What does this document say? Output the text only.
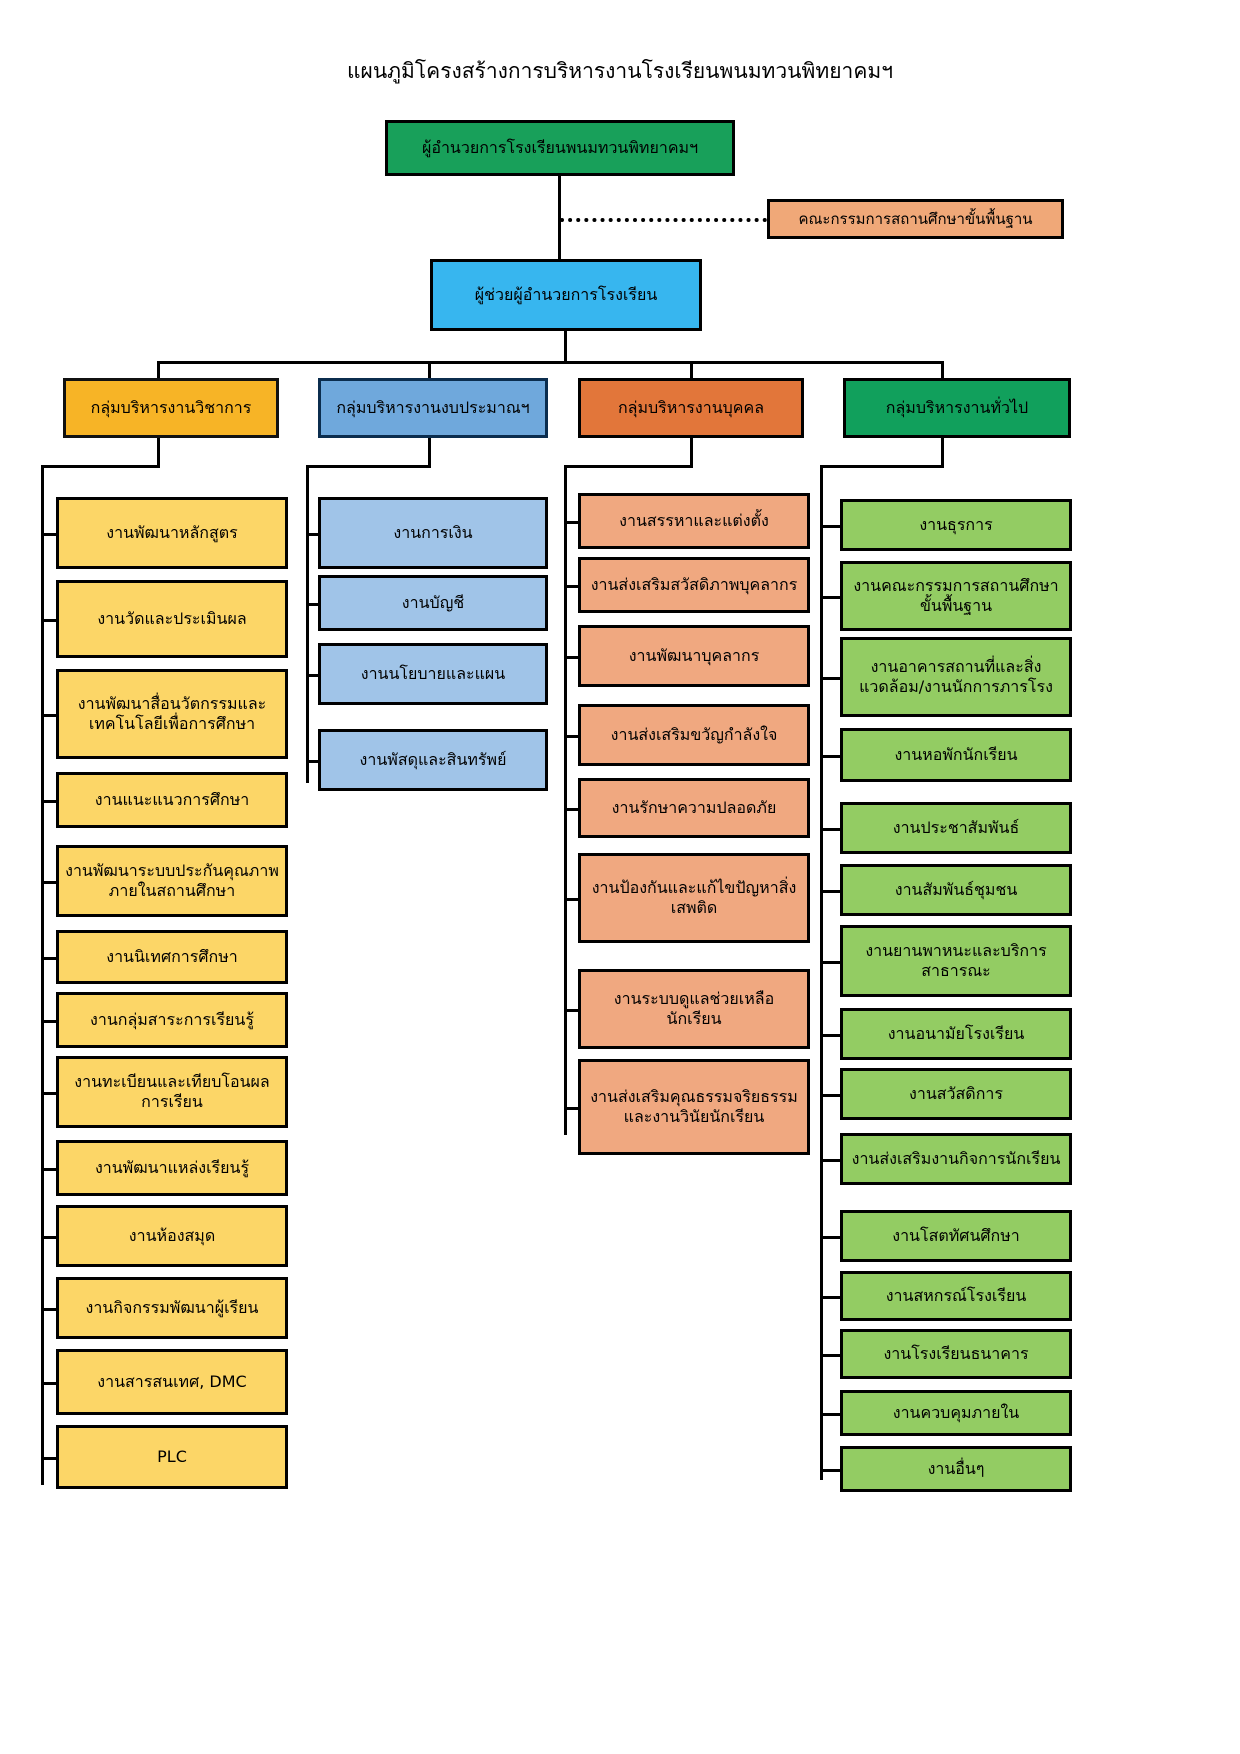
แผนภูมิโครงสร้างการบริหารงานโรงเรียนพนมทวนพิทยาคมฯ
ผู้อำนวยการโรงเรียนพนมทวนพิทยาคมฯ
คณะกรรมการสถานศึกษาขั้นพื้นฐาน
ผู้ช่วยผู้อำนวยการโรงเรียน
กลุ่มบริหารงานวิชาการ	กลุ่มบริหารงานงบประมาณฯ	กลุ่มบริหารงานบุคคล	กลุ่มบริหารงานทั่วไป
งานพัฒนาหลักสูตร
งานวัดและประเมินผล
งานพัฒนาสื่อนวัตกรรมและเทคโนโลยีเพื่อการศึกษา
งานแนะแนวการศึกษา
งานพัฒนาระบบประกันคุณภาพภายในสถานศึกษา
งานนิเทศการศึกษา
งานกลุ่มสาระการเรียนรู้
งานทะเบียนและเทียบโอนผลการเรียน
งานพัฒนาแหล่งเรียนรู้
งานห้องสมุด
งานกิจกรรมพัฒนาผู้เรียน
งานสารสนเทศ, DMC
PLC
งานการเงิน
งานบัญชี
งานนโยบายและแผน
งานพัสดุและสินทรัพย์
งานสรรหาและแต่งตั้ง
งานส่งเสริมสวัสดิภาพบุคลากร
งานพัฒนาบุคลากร
งานส่งเสริมขวัญกำลังใจ
งานรักษาความปลอดภัย
งานป้องกันและแก้ไขปัญหาสิ่งเสพติด
งานระบบดูแลช่วยเหลือนักเรียน
งานส่งเสริมคุณธรรมจริยธรรมและงานวินัยนักเรียน
งานธุรการ
งานคณะกรรมการสถานศึกษาขั้นพื้นฐาน
งานอาคารสถานที่และสิ่งแวดล้อม/งานนักการภารโรง
งานหอพักนักเรียน
งานประชาสัมพันธ์
งานสัมพันธ์ชุมชน
งานยานพาหนะและบริการสาธารณะ
งานอนามัยโรงเรียน
งานสวัสดิการ
งานส่งเสริมงานกิจการนักเรียน
งานโสตทัศนศึกษา
งานสหกรณ์โรงเรียน
งานโรงเรียนธนาคาร
งานควบคุมภายใน
งานอื่นๆ
